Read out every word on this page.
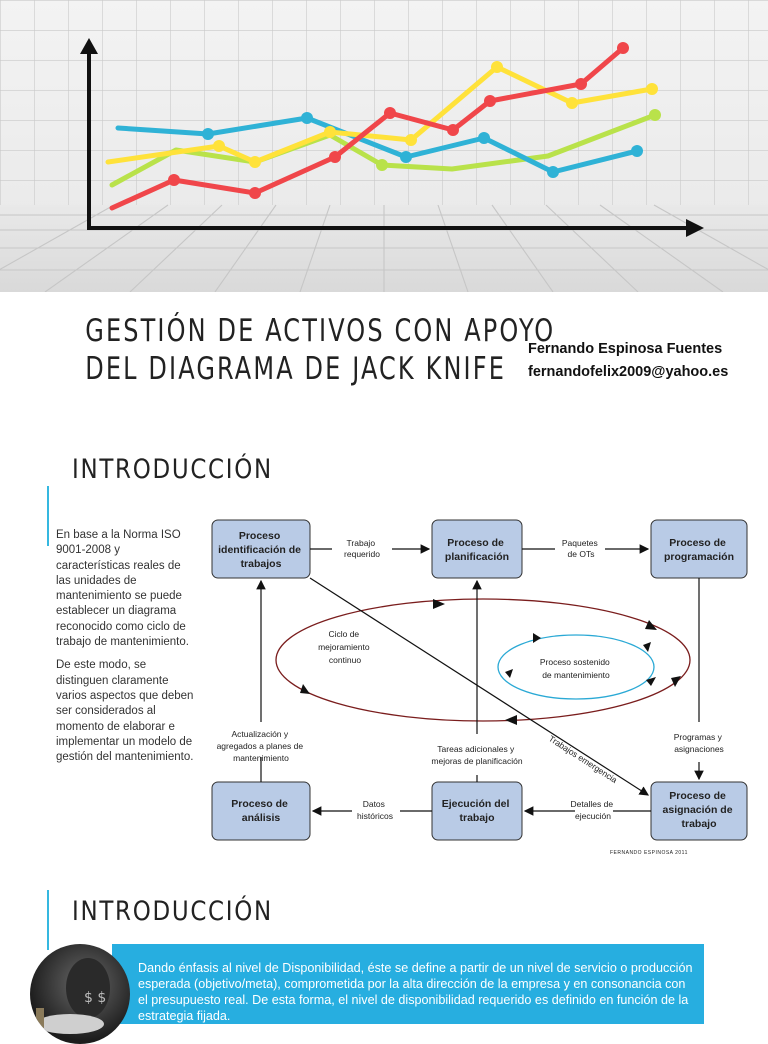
GESTIÓN DE ACTIVOS CON APOYO
DEL DIAGRAMA DE JACK KNIFE
Fernando Espinosa Fuentes
fernandofelix2009@yahoo.es
INTRODUCCIÓN

En base a la Norma ISO 9001-2008 y características reales de las unidades de mantenimiento se puede establecer un diagrama reconocido como ciclo de trabajo de mantenimiento.

De este modo, se distinguen claramente varios aspectos que deben ser considerados al momento de elaborar e implementar un modelo de gestión del mantenimiento.

Proceso identificación de trabajos
Proceso de planificación
Proceso de programación
Proceso de análisis
Ejecución del trabajo
Proceso de asignación de trabajo
Trabajo requerido
Paquetes de OTs
Programas y asignaciones
Detalles de ejecución
Datos históricos
Actualización y agregados a planes de mantenimiento
Tareas adicionales y mejoras de planificación	Trabajos emergencia
Ciclo de mejoramiento continuo	Proceso sostenido de mantenimiento
FERNANDO ESPINOSA 2011
INTRODUCCIÓN
$ $
Dando énfasis al nivel de Disponibilidad, éste se define a partir de un nivel de servicio o producción esperada (objetivo/meta), comprometida por la alta dirección de la empresa y en consonancia con el presupuesto real. De esta forma, el nivel de disponibilidad requerido es definido en función de la estrategia fijada.
